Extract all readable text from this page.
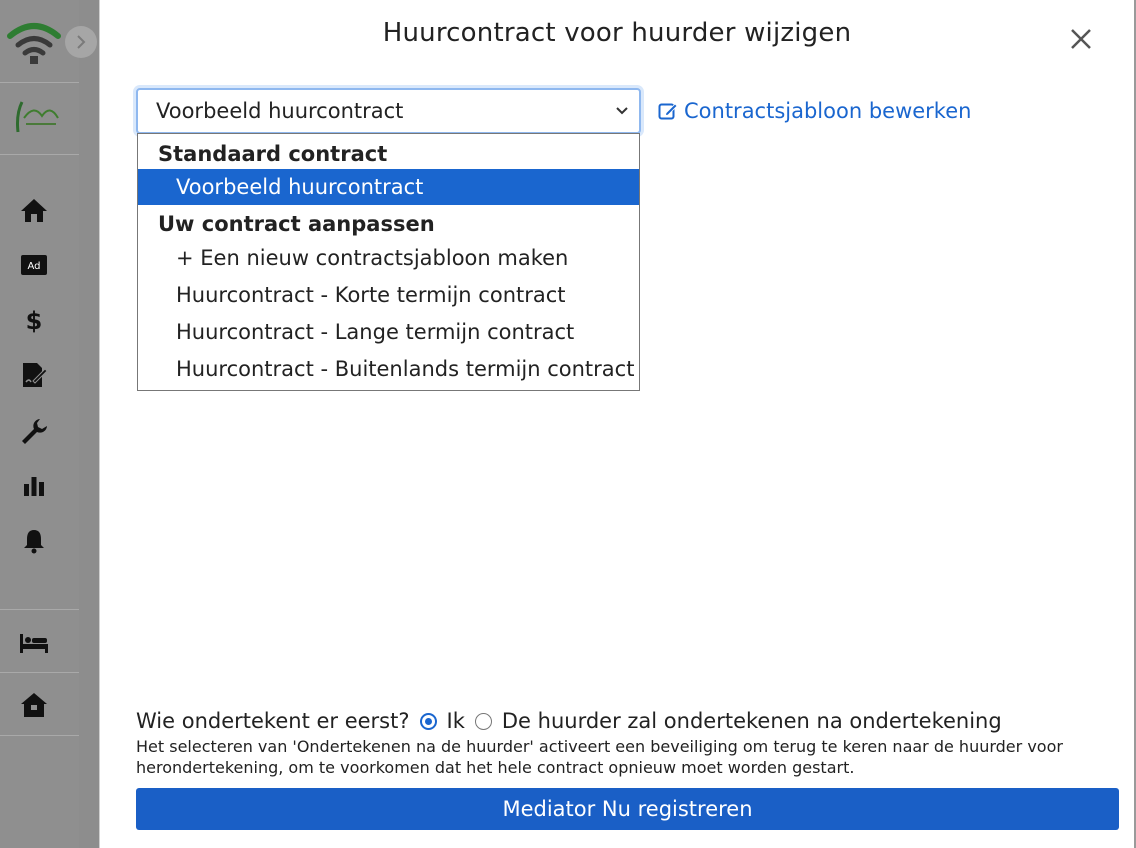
Ad
$
Huurcontract voor huurder wijzigen
Voorbeeld huurcontract	Contractsjabloon bewerken
Standaard contract
Voorbeeld huurcontract
Uw contract aanpassen
+ Een nieuw contractsjabloon maken
Huurcontract - Korte termijn contract
Huurcontract - Lange termijn contract
Huurcontract - Buitenlands termijn contract
Wie ondertekent er eerst? Ik De huurder zal ondertekenen na ondertekening
Het selecteren van 'Ondertekenen na de huurder' activeert een beveiliging om terug te keren naar de huurder voor herondertekening, om te voorkomen dat het hele contract opnieuw moet worden gestart.
Mediator Nu registreren
